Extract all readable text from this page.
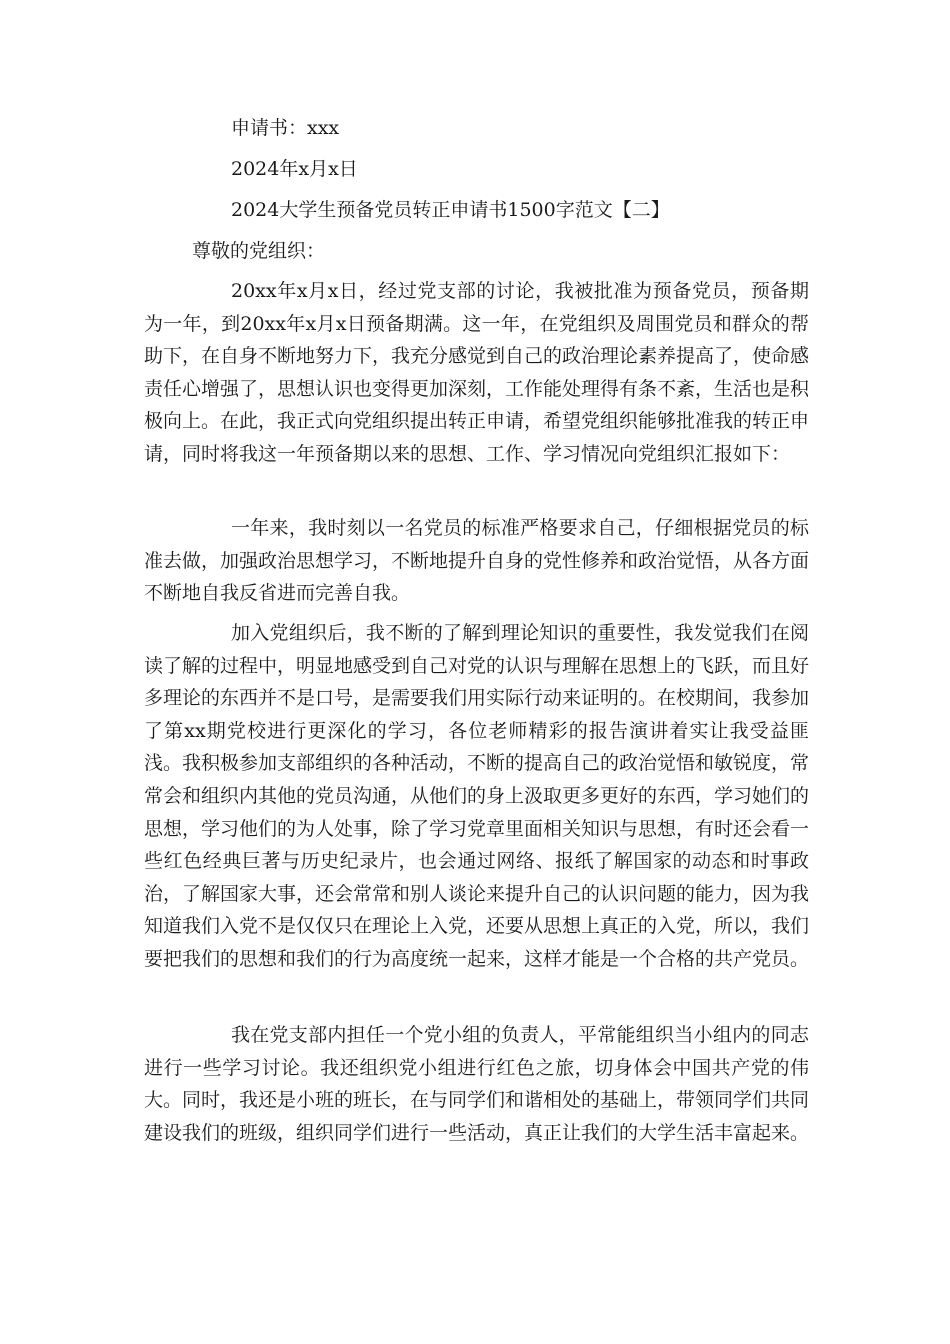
申请书：xxx
2024年x月x日
2024大学生预备党员转正申请书1500字范文【二】
尊敬的党组织：

20xx年x月x日，经过党支部的讨论，我被批准为预备党员，预备期为一年，到20xx年x月x日预备期满。这一年，在党组织及周围党员和群众的帮助下，在自身不断地努力下，我充分感觉到自己的政治理论素养提高了，使命感责任心增强了，思想认识也变得更加深刻，工作能处理得有条不紊，生活也是积极向上。在此，我正式向党组织提出转正申请，希望党组织能够批准我的转正申请，同时将我这一年预备期以来的思想、工作、学习情况向党组织汇报如下：

一年来，我时刻以一名党员的标准严格要求自己，仔细根据党员的标准去做，加强政治思想学习，不断地提升自身的党性修养和政治觉悟，从各方面不断地自我反省进而完善自我。

加入党组织后，我不断的了解到理论知识的重要性，我发觉我们在阅读了解的过程中，明显地感受到自己对党的认识与理解在思想上的飞跃，而且好多理论的东西并不是口号，是需要我们用实际行动来证明的。在校期间，我参加了第xx期党校进行更深化的学习，各位老师精彩的报告演讲着实让我受益匪浅。我积极参加支部组织的各种活动，不断的提高自己的政治觉悟和敏锐度，常常会和组织内其他的党员沟通，从他们的身上汲取更多更好的东西，学习她们的思想，学习他们的为人处事，除了学习党章里面相关知识与思想，有时还会看一些红色经典巨著与历史纪录片，也会通过网络、报纸了解国家的动态和时事政治，了解国家大事，还会常常和别人谈论来提升自己的认识问题的能力，因为我知道我们入党不是仅仅只在理论上入党，还要从思想上真正的入党，所以，我们要把我们的思想和我们的行为高度统一起来，这样才能是一个合格的共产党员。

我在党支部内担任一个党小组的负责人，平常能组织当小组内的同志进行一些学习讨论。我还组织党小组进行红色之旅，切身体会中国共产党的伟大。同时，我还是小班的班长，在与同学们和谐相处的基础上，带领同学们共同建设我们的班级，组织同学们进行一些活动，真正让我们的大学生活丰富起来。
